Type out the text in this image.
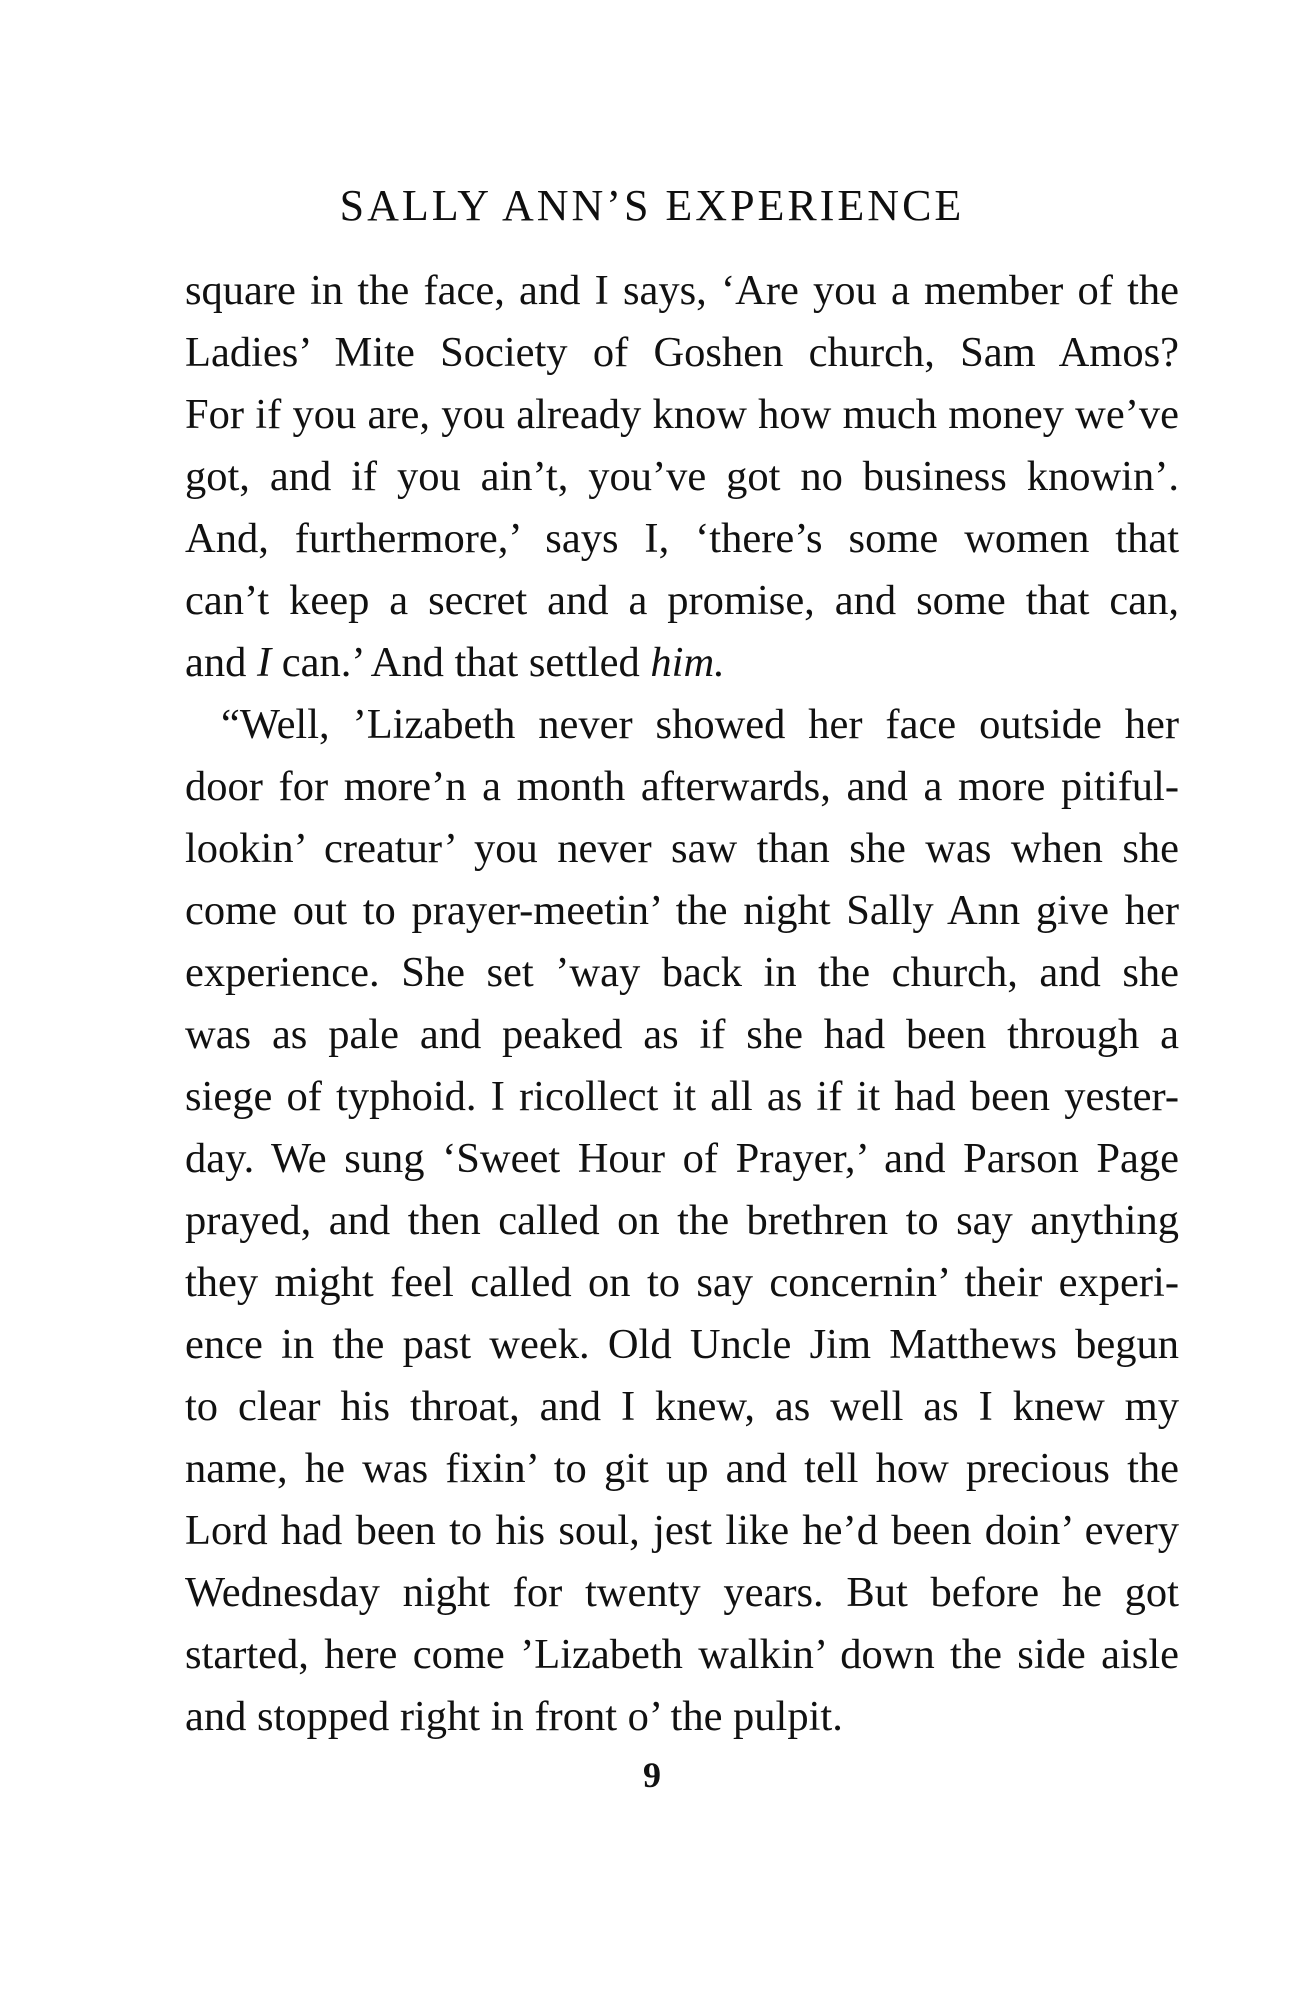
SALLY ANN’S EXPERIENCE
square in the face, and I says, ‘Are you a member of the
Ladies’ Mite Society of Goshen church, Sam Amos?
For if you are, you already know how much money we’ve
got, and if you ain’t, you’ve got no business knowin’.
And, furthermore,’ says I, ‘there’s some women that
can’t keep a secret and a promise, and some that can,
and I can.’ And that settled him.
“Well, ’Lizabeth never showed her face outside her
door for more’n a month afterwards, and a more pitiful-
lookin’ creatur’ you never saw than she was when she
come out to prayer-meetin’ the night Sally Ann give her
experience. She set ’way back in the church, and she
was as pale and peaked as if she had been through a
siege of typhoid. I ricollect it all as if it had been yester-
day. We sung ‘Sweet Hour of Prayer,’ and Parson Page
prayed, and then called on the brethren to say anything
they might feel called on to say concernin’ their experi-
ence in the past week. Old Uncle Jim Matthews begun
to clear his throat, and I knew, as well as I knew my
name, he was fixin’ to git up and tell how precious the
Lord had been to his soul, jest like he’d been doin’ every
Wednesday night for twenty years. But before he got
started, here come ’Lizabeth walkin’ down the side aisle
and stopped right in front o’ the pulpit.
9
